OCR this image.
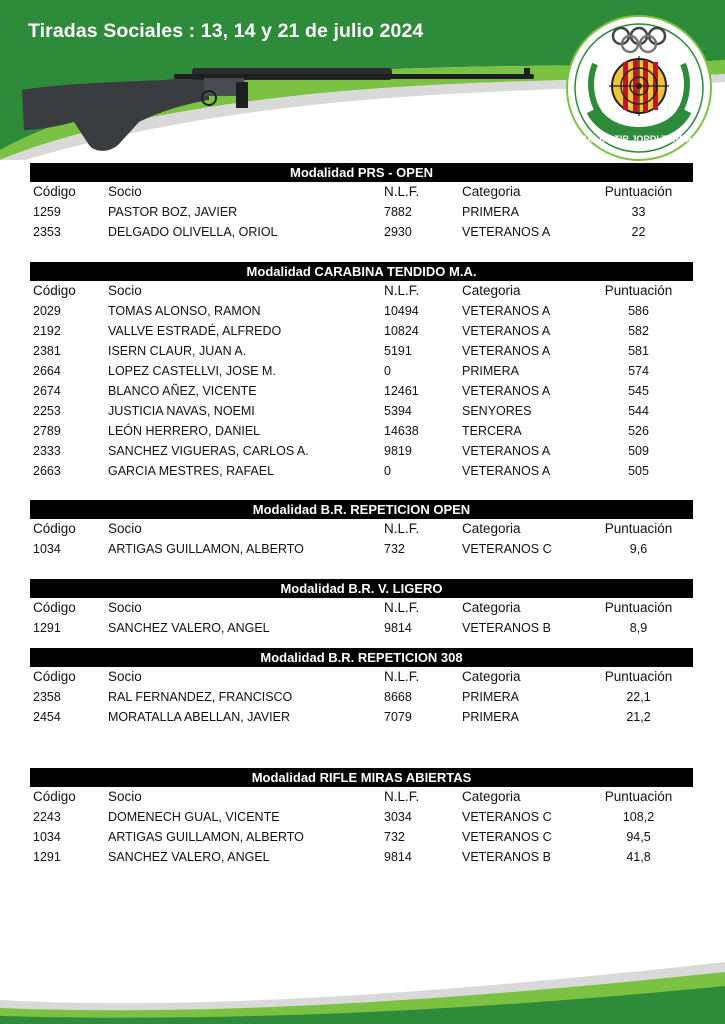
Tiradas Sociales : 13, 14 y 21 de julio 2024
CLUB DE TIR JORDI TARRAGÓ
Modalidad PRS - OPEN
Código	Socio	N.L.F.	Categoria	Puntuación
1259	PASTOR BOZ, JAVIER	7882	PRIMERA	33
2353	DELGADO OLIVELLA, ORIOL	2930	VETERANOS A	22
Modalidad CARABINA TENDIDO M.A.
Código	Socio	N.L.F.	Categoria	Puntuación
2029	TOMAS ALONSO, RAMON	10494	VETERANOS A	586
2192	VALLVE ESTRADÉ, ALFREDO	10824	VETERANOS A	582
2381	ISERN CLAUR, JUAN A.	5191	VETERANOS A	581
2664	LOPEZ CASTELLVI, JOSE M.	0	PRIMERA	574
2674	BLANCO AÑEZ, VICENTE	12461	VETERANOS A	545
2253	JUSTICIA NAVAS, NOEMI	5394	SENYORES	544
2789	LEÓN HERRERO, DANIEL	14638	TERCERA	526
2333	SANCHEZ VIGUERAS, CARLOS A.	9819	VETERANOS A	509
2663	GARCIA MESTRES, RAFAEL	0	VETERANOS A	505
Modalidad B.R. REPETICION OPEN
Código	Socio	N.L.F.	Categoria	Puntuación
1034	ARTIGAS GUILLAMON, ALBERTO	732	VETERANOS C	9,6
Modalidad B.R. V. LIGERO
Código	Socio	N.L.F.	Categoria	Puntuación
1291	SANCHEZ VALERO, ANGEL	9814	VETERANOS B	8,9
Modalidad B.R. REPETICION 308
Código	Socio	N.L.F.	Categoria	Puntuación
2358	RAL FERNANDEZ, FRANCISCO	8668	PRIMERA	22,1
2454	MORATALLA ABELLAN, JAVIER	7079	PRIMERA	21,2
Modalidad RIFLE MIRAS ABIERTAS
Código	Socio	N.L.F.	Categoria	Puntuación
2243	DOMENECH GUAL, VICENTE	3034	VETERANOS C	108,2
1034	ARTIGAS GUILLAMON, ALBERTO	732	VETERANOS C	94,5
1291	SANCHEZ VALERO, ANGEL	9814	VETERANOS B	41,8
